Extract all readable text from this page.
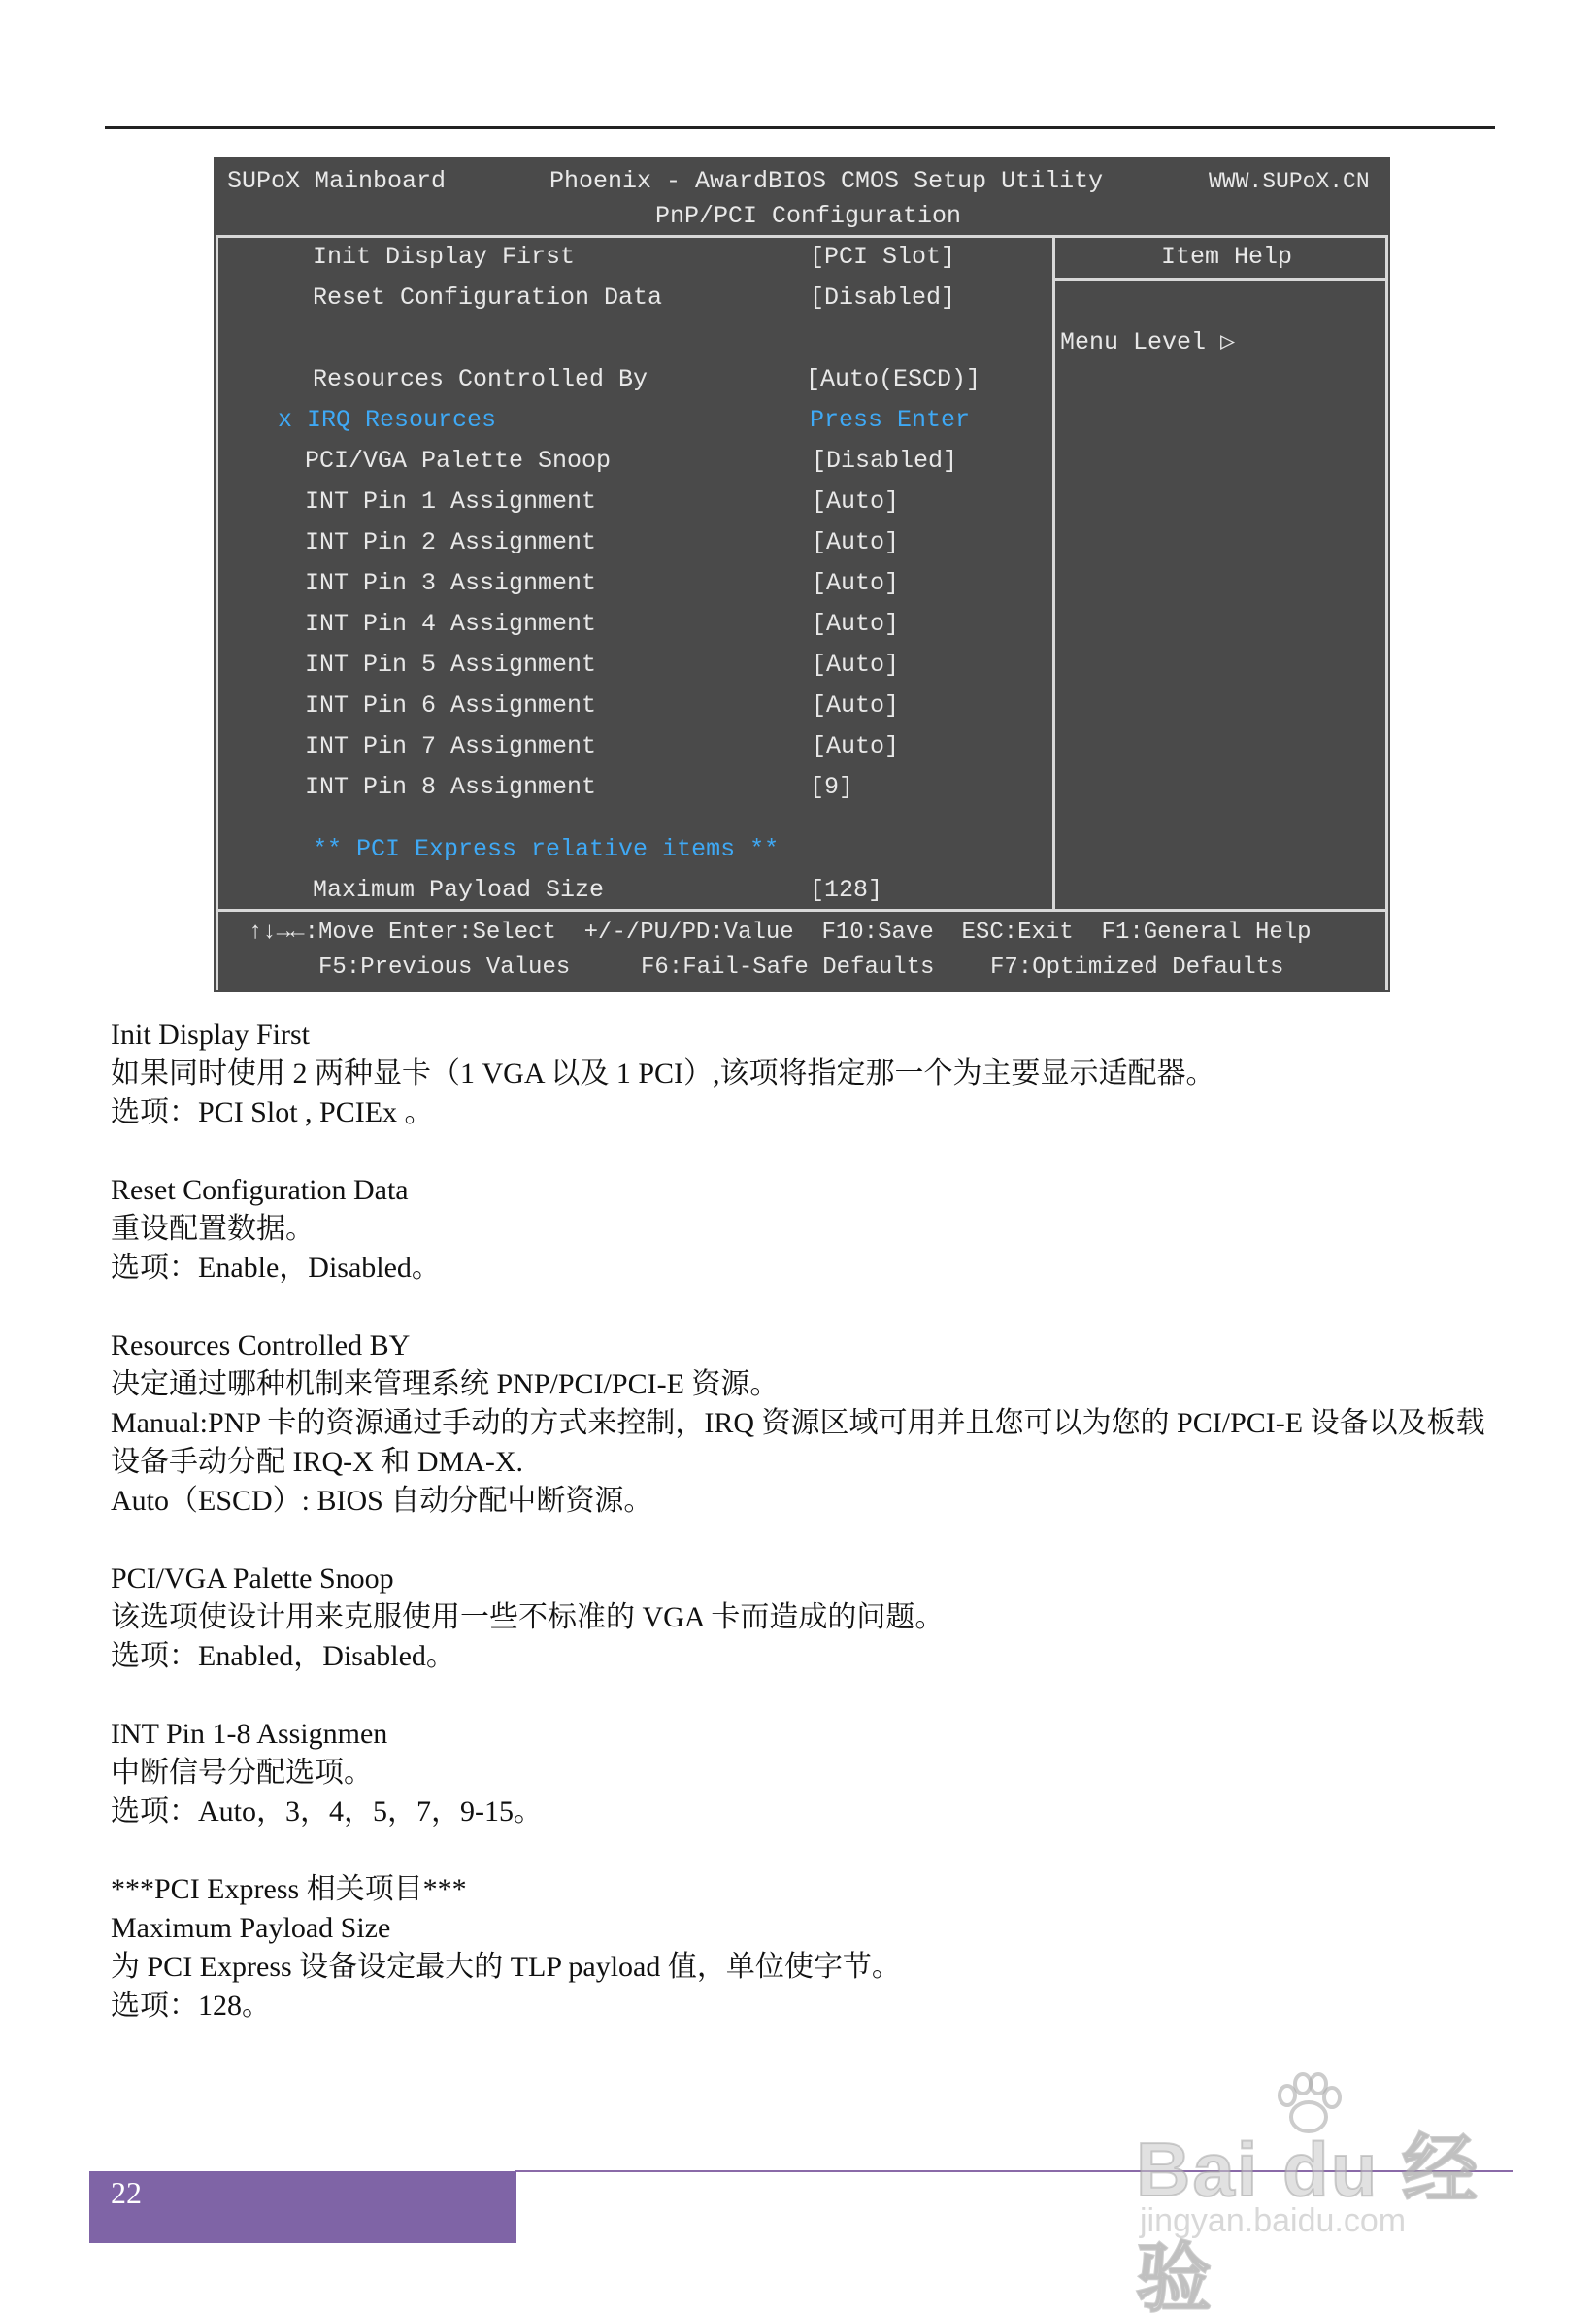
SUPoX Mainboard	Phoenix - AwardBIOS CMOS Setup Utility	WWW.SUPoX.CN
PnP/PCI Configuration
Init Display First	[PCI Slot]
Reset Configuration Data	[Disabled]
Resources Controlled By	[Auto(ESCD)]
x IRQ Resources	Press Enter
PCI/VGA Palette Snoop	[Disabled]
INT Pin 1 Assignment	[Auto]
INT Pin 2 Assignment	[Auto]
INT Pin 3 Assignment	[Auto]
INT Pin 4 Assignment	[Auto]
INT Pin 5 Assignment	[Auto]
INT Pin 6 Assignment	[Auto]
INT Pin 7 Assignment	[Auto]
INT Pin 8 Assignment	[9]
** PCI Express relative items **
Maximum Payload Size	[128]
Item Help
Menu Level ▷
↑↓→←:Move Enter:Select  +/-/PU/PD:Value  F10:Save  ESC:Exit  F1:General Help
F5:Previous Values	F6:Fail-Safe Defaults F7:Optimized Defaults

Init Display First

如果同时使用 2 两种显卡（1 VGA 以及 1 PCI）,该项将指定那一个为主要显示适配器。

选项：PCI Slot , PCIEx 。

Reset Configuration Data

重设配置数据。

选项：Enable，Disabled。

Resources Controlled BY

决定通过哪种机制来管理系统 PNP/PCI/PCI-E 资源。

Manual:PNP 卡的资源通过手动的方式来控制，IRQ 资源区域可用并且您可以为您的 PCI/PCI-E 设备以及板载设备手动分配 IRQ-X 和 DMA-X.

Auto（ESCD）: BIOS 自动分配中断资源。

PCI/VGA Palette Snoop

该选项使设计用来克服使用一些不标准的 VGA 卡而造成的问题。

选项：Enabled，Disabled。

INT Pin 1-8 Assignmen

中断信号分配选项。

选项：Auto，3，4，5，7，9-15。

***PCI Express 相关项目***

Maximum Payload Size

为 PCI Express 设备设定最大的 TLP payload 值，单位使字节。

选项：128。

22	Bai du 经验
jingyan.baidu.com
